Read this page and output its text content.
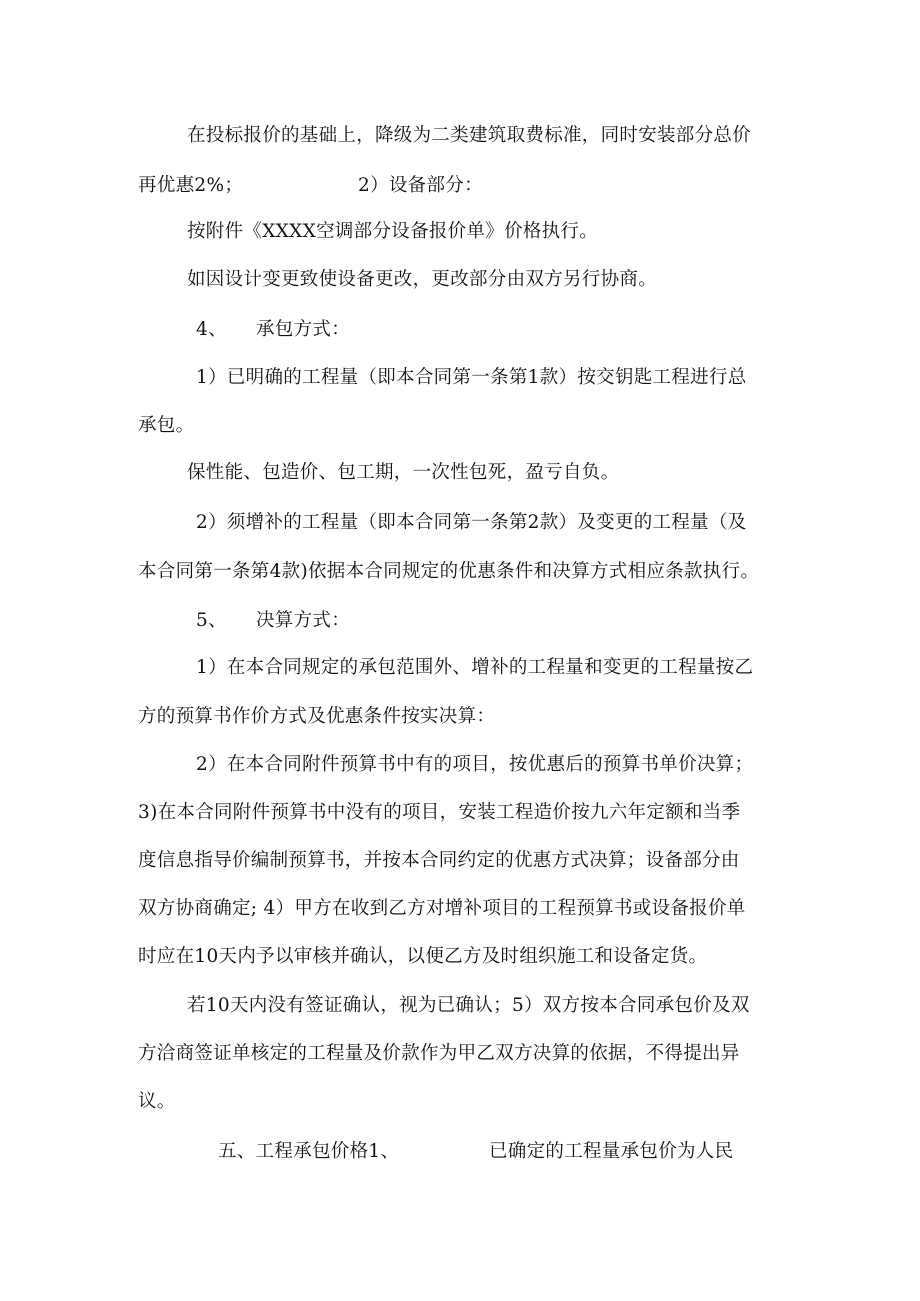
在投标报价的基础上，降级为二类建筑取费标准，同时安装部分总价
再优惠2%；	2）设备部分：
按附件《XXXX空调部分设备报价单》价格执行。
如因设计变更致使设备更改，更改部分由双方另行协商。
4、 承包方式：
1）已明确的工程量（即本合同第一条第1款）按交钥匙工程进行总
承包。
保性能、包造价、包工期，一次性包死，盈亏自负。
2）须增补的工程量（即本合同第一条第2款）及变更的工程量（及
本合同第一条第4款)依据本合同规定的优惠条件和决算方式相应条款执行。
5、 决算方式：
1）在本合同规定的承包范围外、增补的工程量和变更的工程量按乙
方的预算书作价方式及优惠条件按实决算：
2）在本合同附件预算书中有的项目，按优惠后的预算书单价决算；
3)在本合同附件预算书中没有的项目，安装工程造价按九六年定额和当季
度信息指导价编制预算书，并按本合同约定的优惠方式决算；设备部分由
双方协商确定; 4）甲方在收到乙方对增补项目的工程预算书或设备报价单
时应在10天内予以审核并确认，以便乙方及时组织施工和设备定货。
若10天内没有签证确认，视为已确认；5）双方按本合同承包价及双
方洽商签证单核定的工程量及价款作为甲乙双方决算的依据，不得提出异
议。
五、工程承包价格1、	已确定的工程量承包价为人民
